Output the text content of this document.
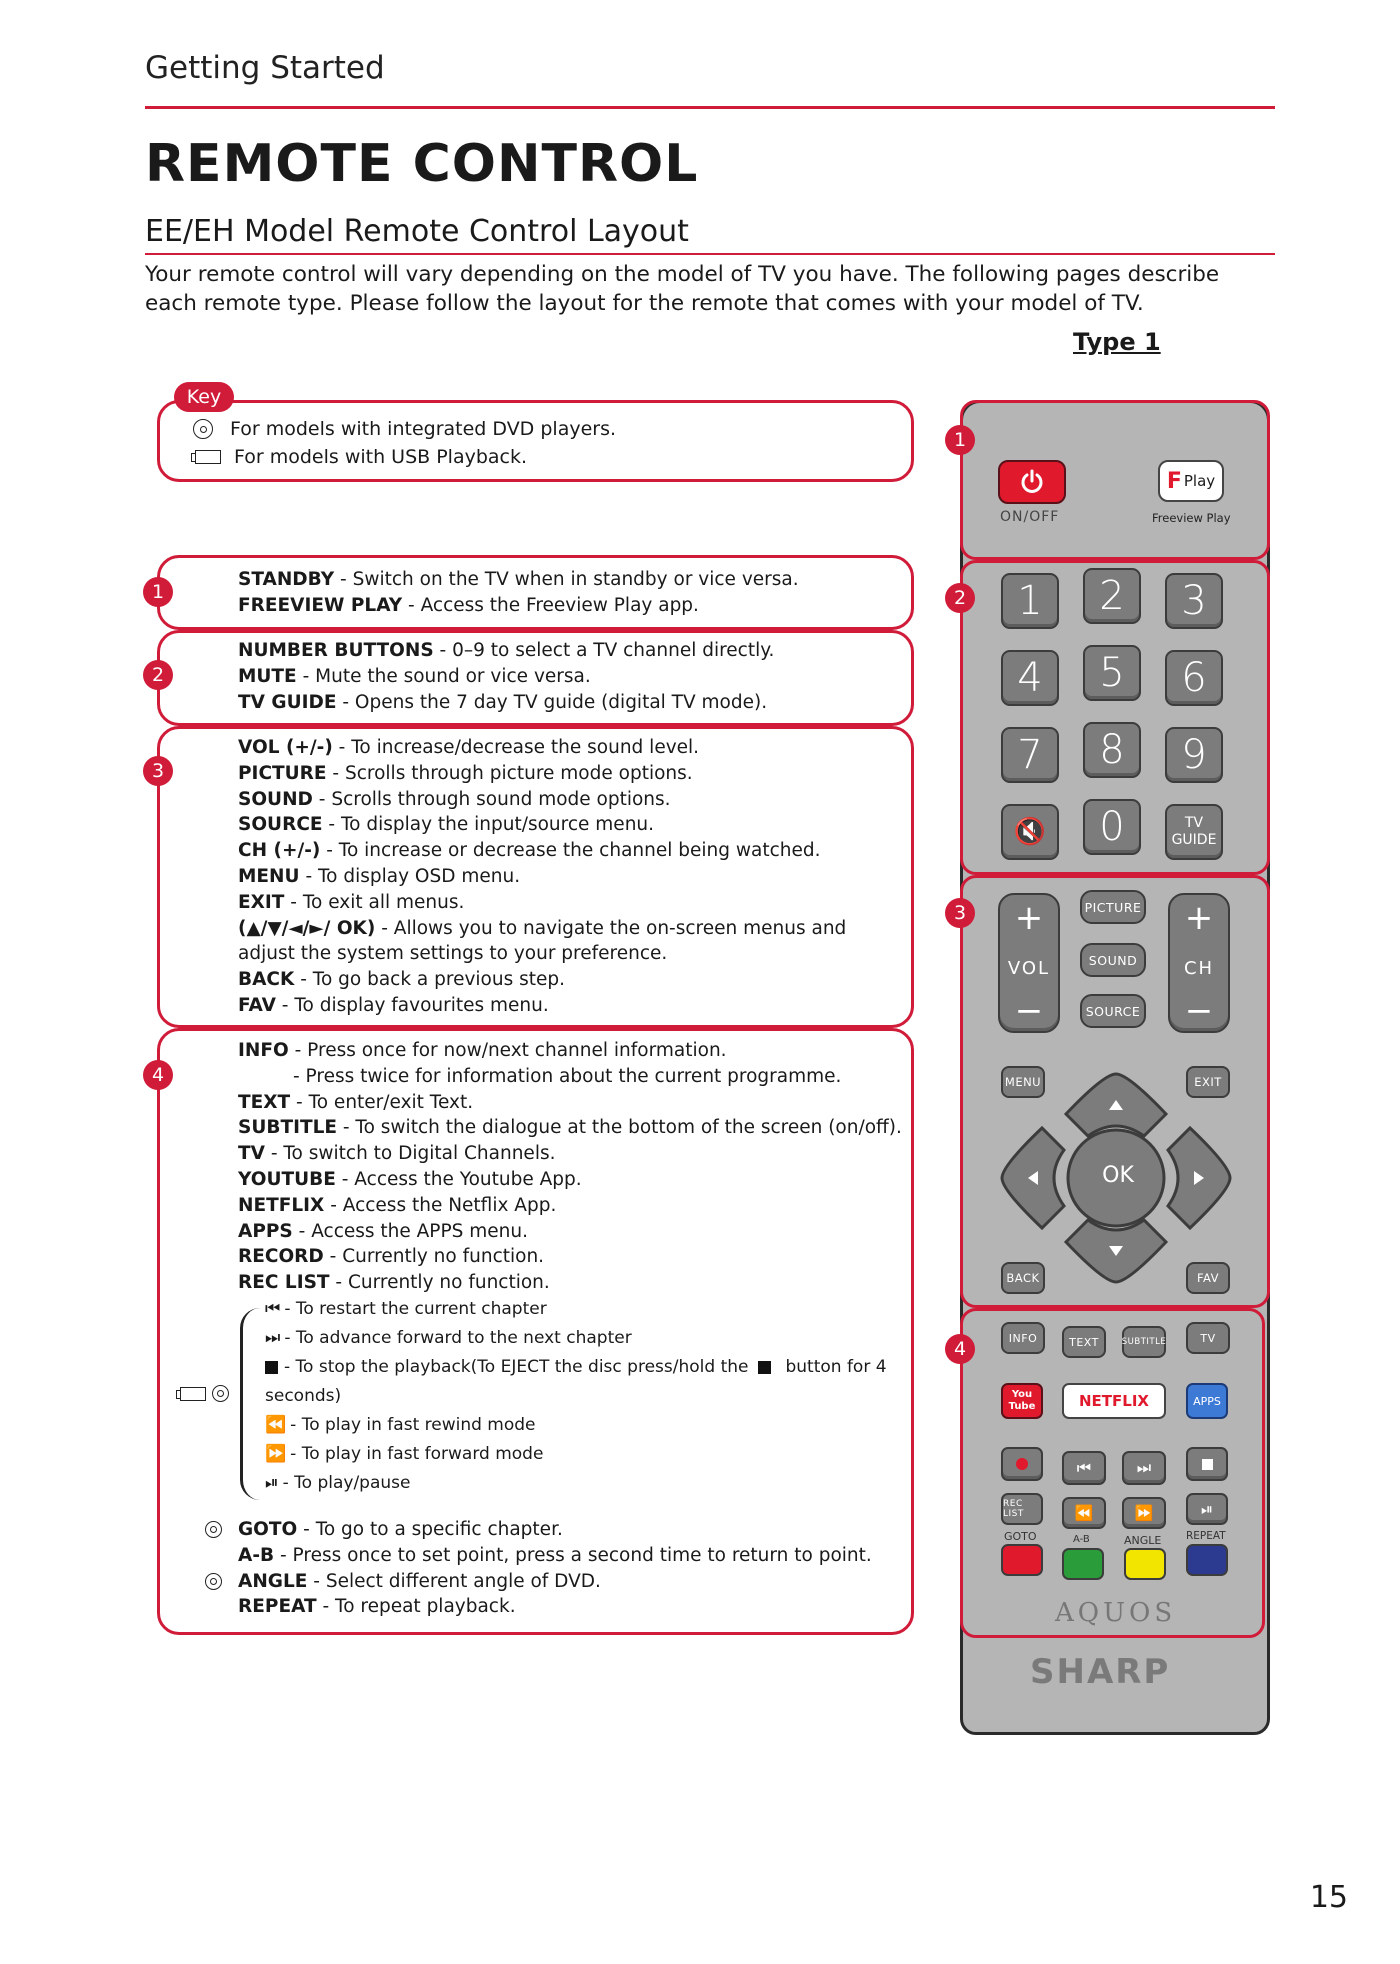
Getting Started
REMOTE CONTROL
EE/EH Model Remote Control Layout
Your remote control will vary depending on the model of TV you have. The following pages describe each remote type. Please follow the layout for the remote that comes with your model of TV.
Type 1
Key
For models with integrated DVD players.
For models with USB Playback.
1
STANDBY - Switch on the TV when in standby or vice versa.
FREEVIEW PLAY - Access the Freeview Play app.
2
NUMBER BUTTONS - 0–9 to select a TV channel directly.
MUTE - Mute the sound or vice versa.
TV GUIDE - Opens the 7 day TV guide (digital TV mode).
3
VOL (+/-) - To increase/decrease the sound level.
PICTURE - Scrolls through picture mode options.
SOUND - Scrolls through sound mode options.
SOURCE - To display the input/source menu.
CH (+/-) - To increase or decrease the channel being watched.
MENU - To display OSD menu.
EXIT - To exit all menus.
(▲/▼/◄/►/ OK) - Allows you to navigate the on-screen menus and adjust the system settings to your preference.
BACK - To go back a previous step.
FAV - To display favourites menu.
4
INFO - Press once for now/next channel information.
- Press twice for information about the current programme.
TEXT - To enter/exit Text.
SUBTITLE - To switch the dialogue at the bottom of the screen (on/off).
TV - To switch to Digital Channels.
YOUTUBE - Access the Youtube App.
NETFLIX - Access the Netflix App.
APPS - Access the APPS menu.
RECORD - Currently no function.
REC LIST - Currently no function.
⏮ - To restart the current chapter
⏭ - To advance forward to the next chapter
- To stop the playback(To EJECT the disc press/hold the button for 4
seconds)
⏪ - To play in fast rewind mode
⏩ - To play in fast forward mode
⏯ - To play/pause
GOTO - To go to a specific chapter.
A-B - Press once to set point, press a second time to return to point.
ANGLE - Select different angle of DVD.
REPEAT - To repeat playback.
1
2
3
4
ON/OFF
F Play
Freeview Play
1	2	3
4	5	6
7	8	9
🔇	0	TV
GUIDE
+
VOL
−
+
CH
−
PICTURE
SOUND
SOURCE
MENU	EXIT
OK
BACK	FAV
INFO	TEXT	SUBTITLE	TV
You
Tube	NETFLIX	APPS
⏮	⏭
REC LIST	⏪	⏩	⏯
GOTO	A-B	ANGLE REPEAT
AQUOS
SHARP
15
